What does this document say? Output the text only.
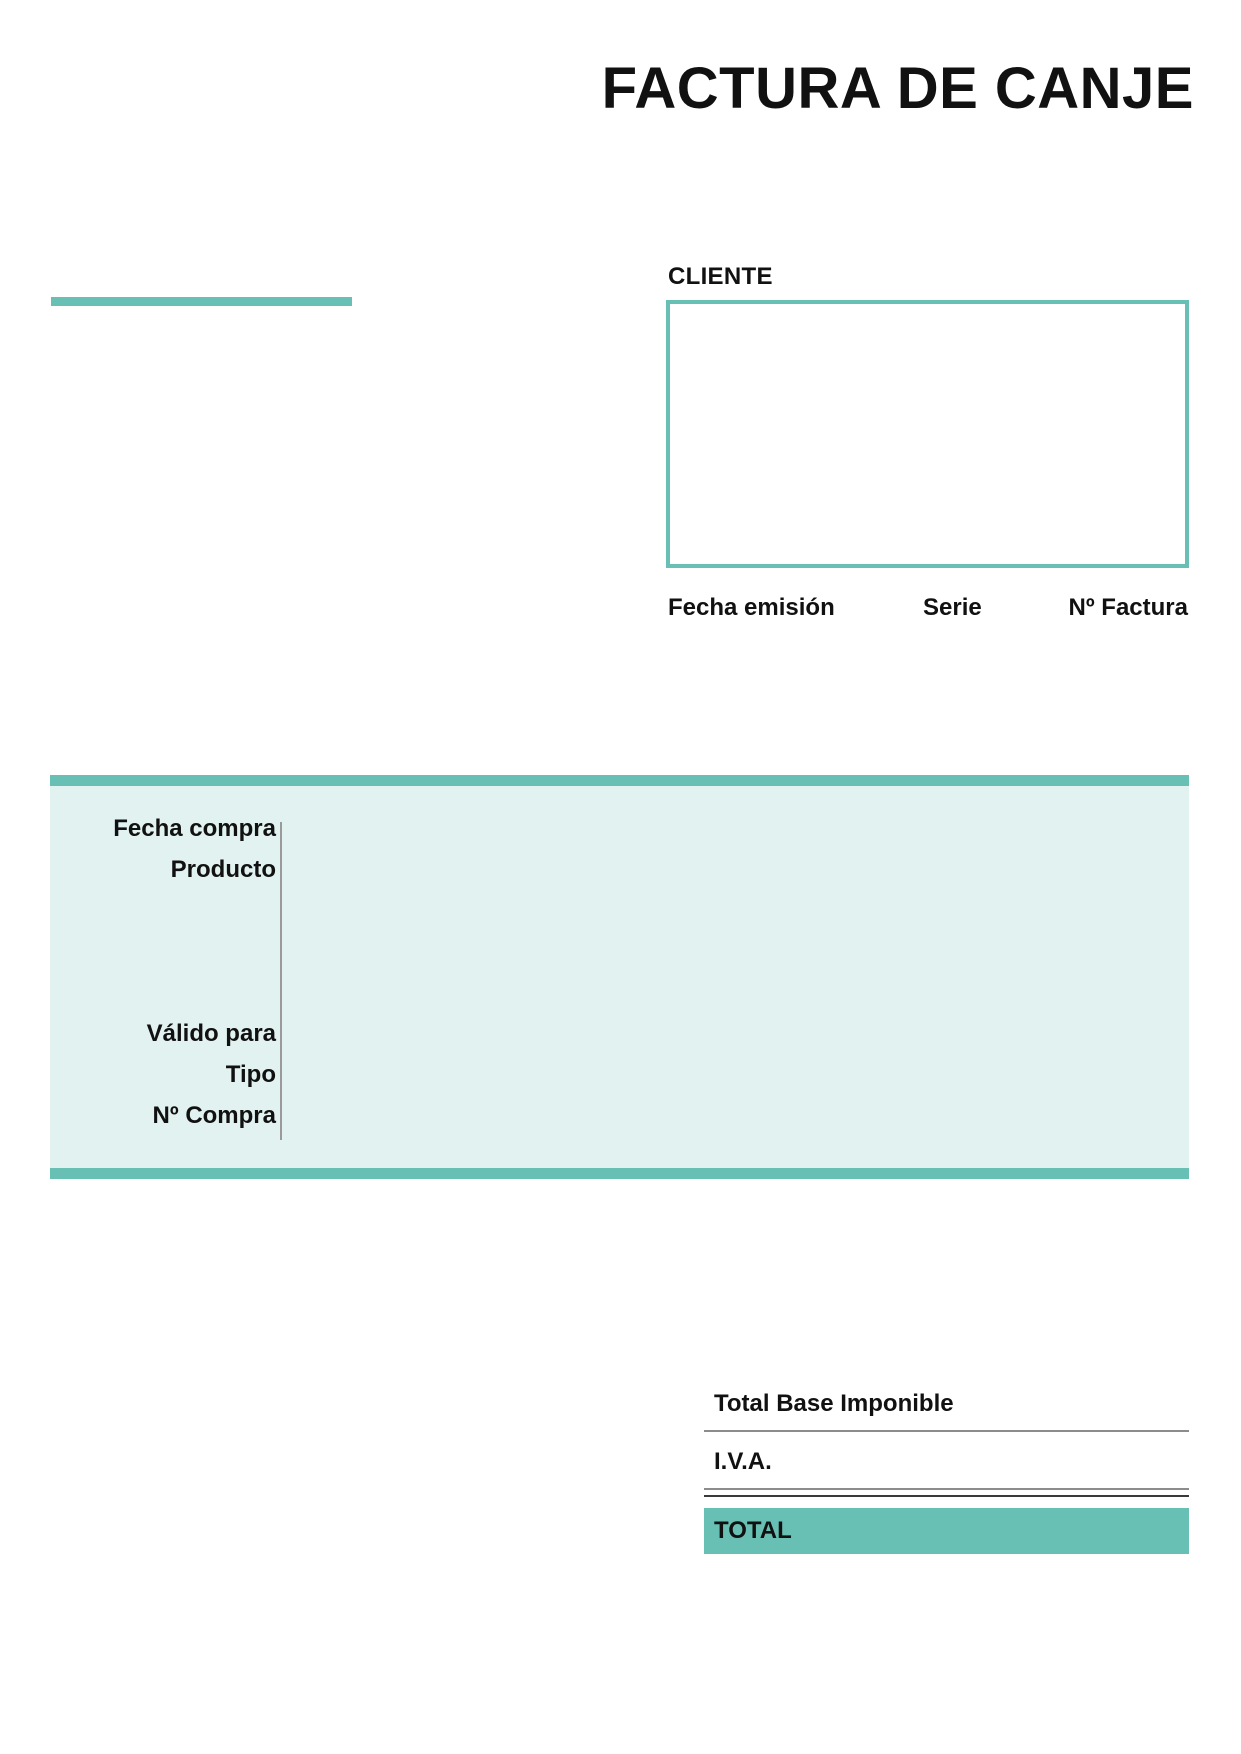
FACTURA DE CANJE
CLIENTE
Fecha emisión	Serie	Nº Factura
Fecha compra
Producto
Válido para
Tipo
Nº Compra
Total Base Imponible
I.V.A.
TOTAL
